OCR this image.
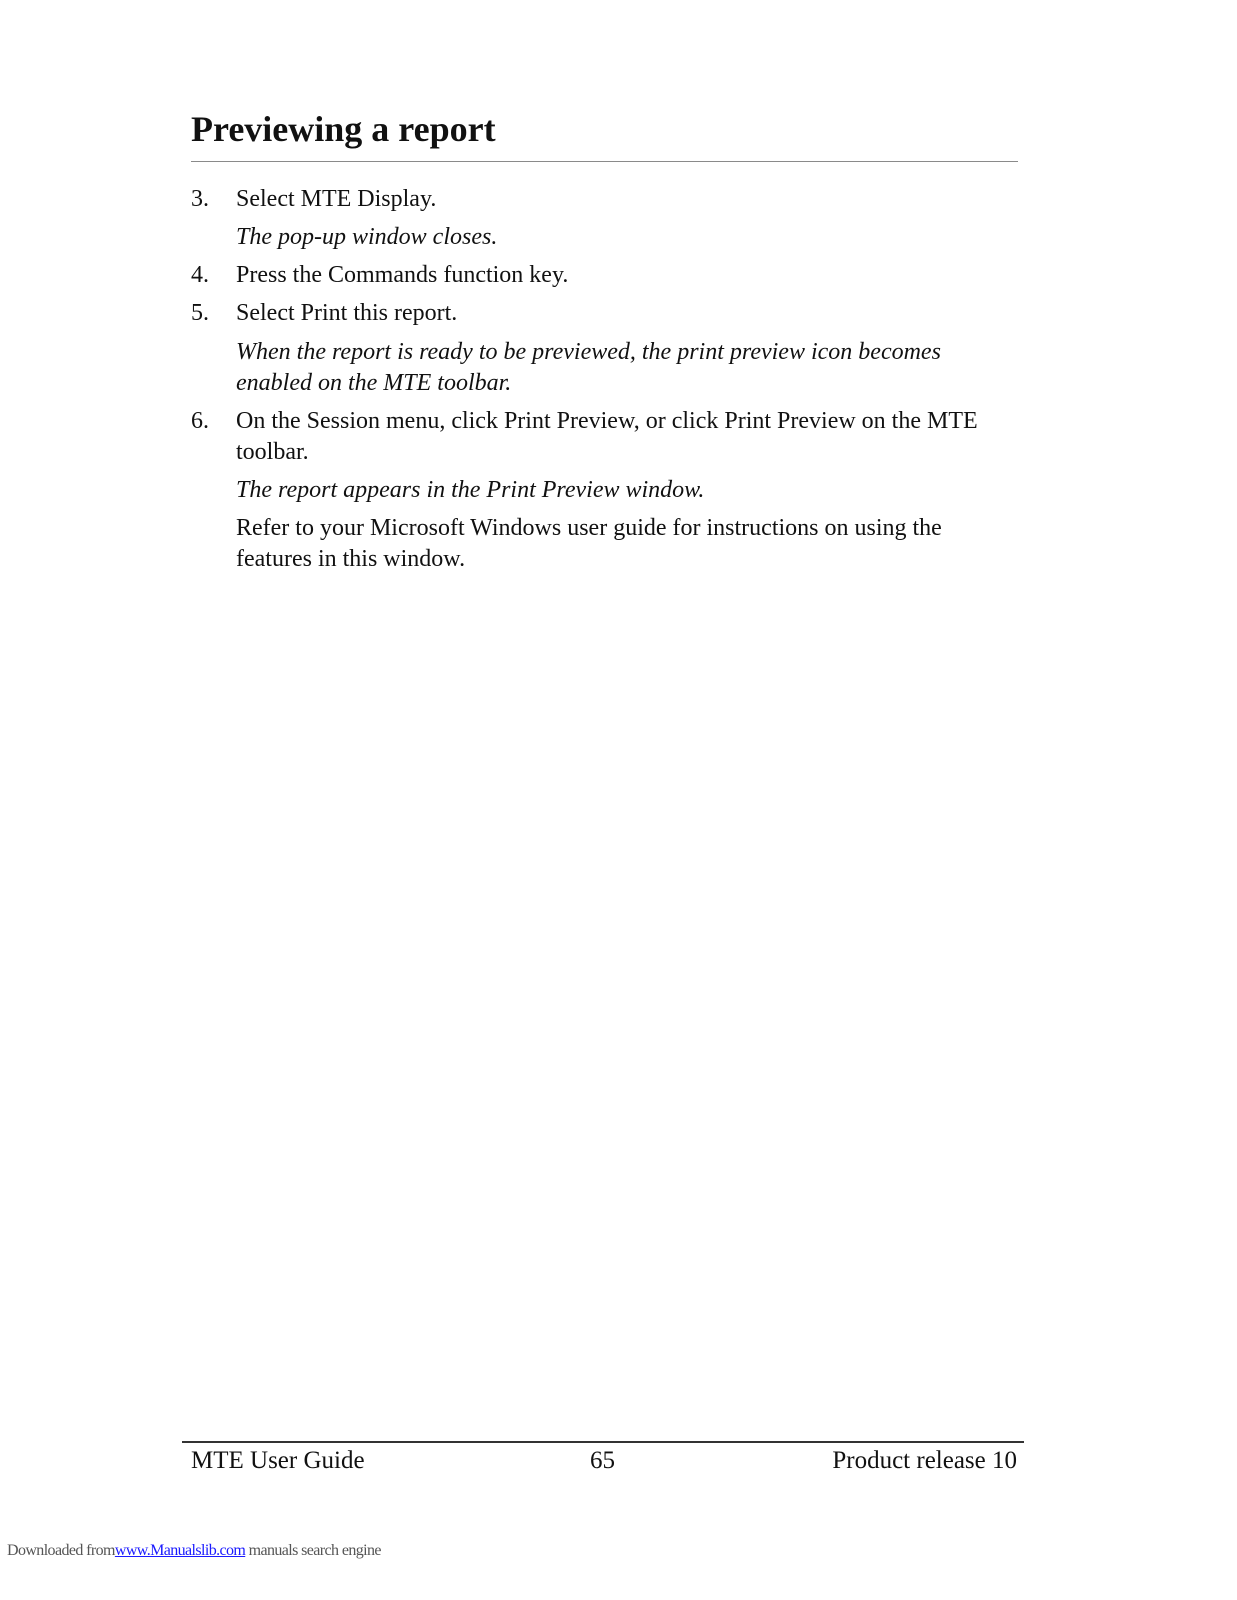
Previewing a report
3. Select MTE Display.

The pop-up window closes.

4. Press the Commands function key.
5. Select Print this report.

When the report is ready to be previewed, the print preview icon becomes enabled on the MTE toolbar.

6. On the Session menu, click Print Preview, or click Print Preview on the MTE toolbar.

The report appears in the Print Preview window.

Refer to your Microsoft Windows user guide for instructions on using the features in this window.

MTE User Guide	65	Product release 10
Downloaded fromwww.Manualslib.com manuals search engine
